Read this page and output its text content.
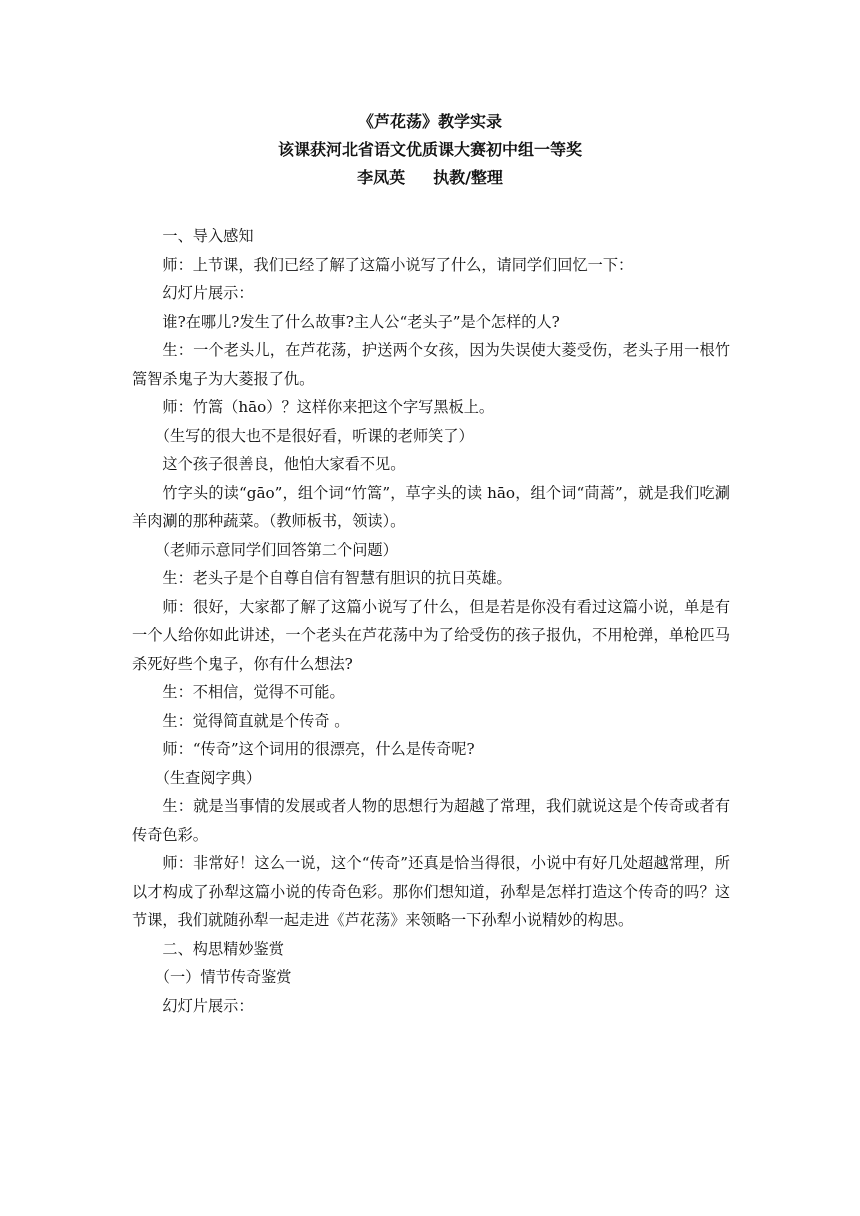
《芦花荡》教学实录
该课获河北省语文优质课大赛初中组一等奖
李凤英 执教/整理

一、导入感知

师：上节课，我们已经了解了这篇小说写了什么，请同学们回忆一下：

幻灯片展示：

谁?在哪儿?发生了什么故事?主人公“老头子”是个怎样的人?

生：一个老头儿，在芦花荡，护送两个女孩，因为失误使大菱受伤，老头子用一根竹篙智杀鬼子为大菱报了仇。

师：竹篙（hāo）？这样你来把这个字写黑板上。

（生写的很大也不是很好看，听课的老师笑了）

这个孩子很善良，他怕大家看不见。

竹字头的读“gāo”，组个词“竹篙”，草字头的读 hāo，组个词“茼蒿”，就是我们吃涮羊肉涮的那种蔬菜。（教师板书，领读）。

（老师示意同学们回答第二个问题）

生：老头子是个自尊自信有智慧有胆识的抗日英雄。

师：很好，大家都了解了这篇小说写了什么，但是若是你没有看过这篇小说，单是有一个人给你如此讲述，一个老头在芦花荡中为了给受伤的孩子报仇，不用枪弹，单枪匹马杀死好些个鬼子，你有什么想法?

生：不相信，觉得不可能。

生：觉得简直就是个传奇 。

师：“传奇”这个词用的很漂亮，什么是传奇呢?

（生查阅字典）

生：就是当事情的发展或者人物的思想行为超越了常理，我们就说这是个传奇或者有传奇色彩。

师：非常好！这么一说，这个“传奇”还真是恰当得很，小说中有好几处超越常理，所以才构成了孙犁这篇小说的传奇色彩。那你们想知道，孙犁是怎样打造这个传奇的吗？这节课，我们就随孙犁一起走进《芦花荡》来领略一下孙犁小说精妙的构思。

二、构思精妙鉴赏

（一）情节传奇鉴赏

幻灯片展示：
